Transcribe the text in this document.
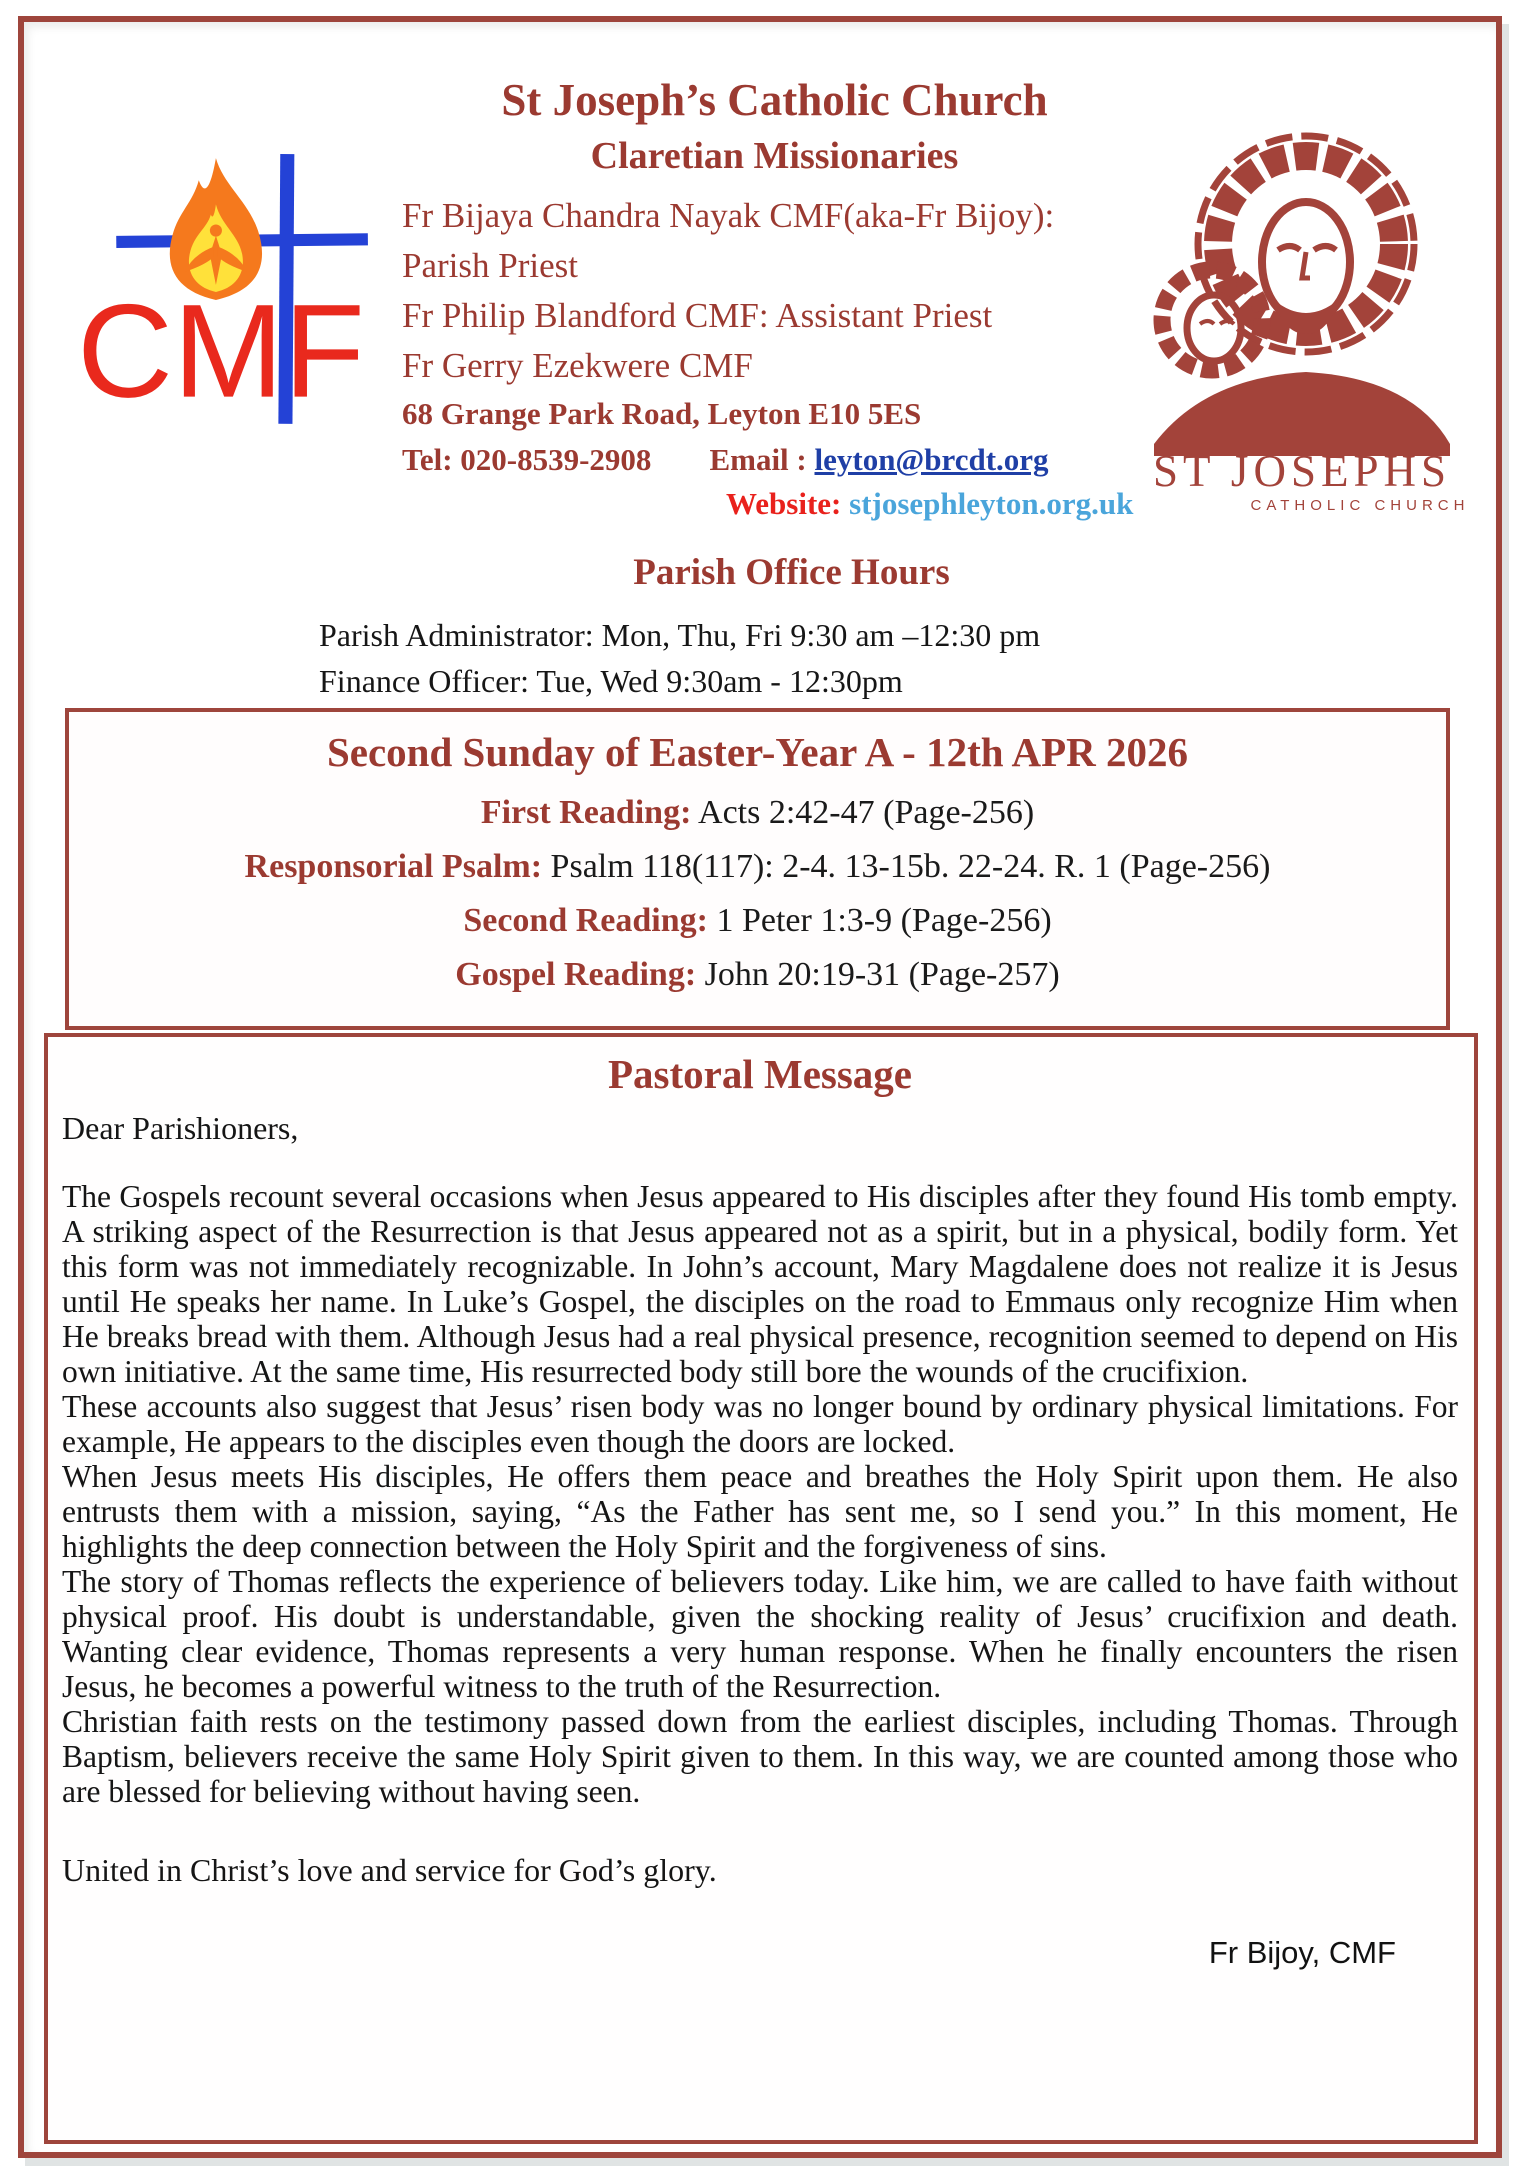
CMF
ST JOSEPHS
CATHOLIC CHURCH
St Joseph’s Catholic Church
Claretian Missionaries
Fr Bijaya Chandra Nayak CMF(aka-Fr Bijoy):
Parish Priest
Fr Philip Blandford CMF: Assistant Priest
Fr Gerry Ezekwere CMF
68 Grange Park Road, Leyton E10 5ES
Tel: 020-8539-2908 Email : leyton@brcdt.org
Website: stjosephleyton.org.uk
Parish Office Hours
Parish Administrator: Mon, Thu, Fri 9:30 am –12:30 pm
Finance Officer: Tue, Wed 9:30am - 12:30pm
Second Sunday of Easter-Year A - 12th APR 2026
First Reading: Acts 2:42-47 (Page-256)
Responsorial Psalm: Psalm 118(117): 2-4. 13-15b. 22-24. R. 1 (Page-256)
Second Reading: 1 Peter 1:3-9 (Page-256)
Gospel Reading: John 20:19-31 (Page-257)
Pastoral Message
Dear Parishioners,
The Gospels recount several occasions when Jesus appeared to His disciples after they found His tomb empty. A striking aspect of the Resurrection is that Jesus appeared not as a spirit, but in a physical, bodily form. Yet this form was not immediately recognizable. In John’s account, Mary Magdalene does not realize it is Jesus until He speaks her name. In Luke’s Gospel, the disciples on the road to Emmaus only recognize Him when He breaks bread with them. Although Jesus had a real physical presence, recognition seemed to depend on His own initiative. At the same time, His resurrected body still bore the wounds of the crucifixion.
These accounts also suggest that Jesus’ risen body was no longer bound by ordinary physical limitations. For example, He appears to the disciples even though the doors are locked.
When Jesus meets His disciples, He offers them peace and breathes the Holy Spirit upon them. He also entrusts them with a mission, saying, “As the Father has sent me, so I send you.” In this moment, He highlights the deep connection between the Holy Spirit and the forgiveness of sins.
The story of Thomas reflects the experience of believers today. Like him, we are called to have faith without physical proof. His doubt is understandable, given the shocking reality of Jesus’ crucifixion and death. Wanting clear evidence, Thomas represents a very human response. When he finally encounters the risen Jesus, he becomes a powerful witness to the truth of the Resurrection.
Christian faith rests on the testimony passed down from the earliest disciples, including Thomas. Through Baptism, believers receive the same Holy Spirit given to them. In this way, we are counted among those who are blessed for believing without having seen.
United in Christ’s love and service for God’s glory.
Fr Bijoy, CMF
